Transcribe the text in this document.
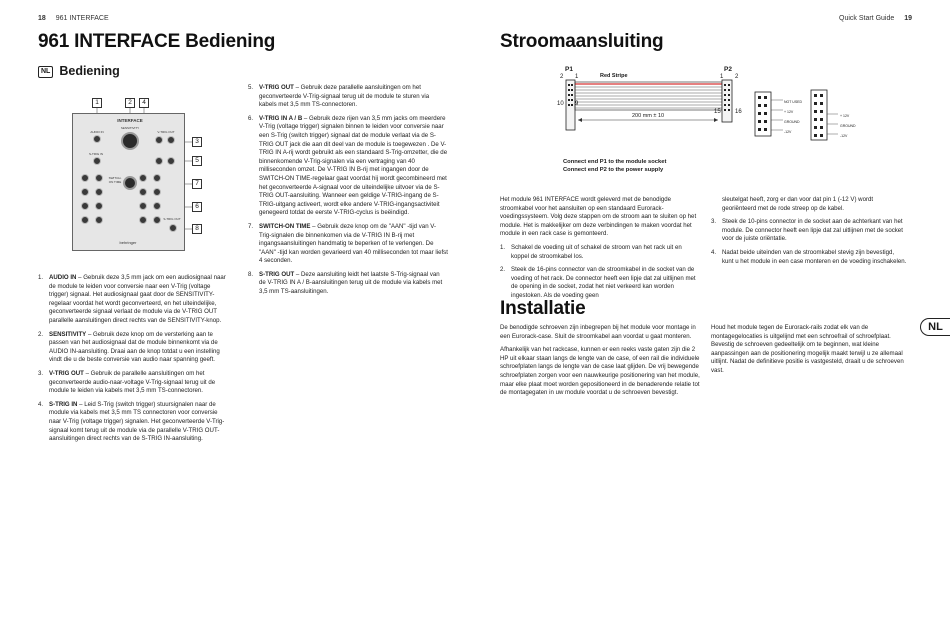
18 961 INTERFACE	Quick Start Guide 19
961 INTERFACE Bediening
NL Bediening
1	2	4
3
5
7
6
8
INTERFACE
AUDIO IN
SENSITIVITY
V-TRIG OUT
S-TRIG IN
SWITCH-ON TIME
S-TRIG OUT
behringer
1. AUDIO IN – Gebruik deze 3,5 mm jack om een audiosignaal naar de module te leiden voor conversie naar een V-Trig (voltage trigger) signaal. Het audiosignaal gaat door de SENSITIVITY-regelaar voordat het wordt geconverteerd, en het uiteindelijke, geconverteerde signaal verlaat de module via de V-TRIG OUT parallelle aansluitingen direct rechts van de SENSITIVITY-knop.
2. SENSITIVITY – Gebruik deze knop om de versterking aan te passen van het audiosignaal dat de module binnenkomt via de AUDIO IN-aansluiting. Draai aan de knop totdat u een instelling vindt die u de beste conversie van audio naar spanning geeft.
3. V-TRIG OUT – Gebruik de parallelle aansluitingen om het geconverteerde audio-naar-voltage V-Trig-signaal terug uit de module te leiden via kabels met 3,5 mm TS-connectoren.
4. S-TRIG IN – Leid S-Trig (switch trigger) stuursignalen naar de module via kabels met 3,5 mm TS connectoren voor conversie naar V-Trig (voltage trigger) signalen. Het geconverteerde V-Trig-signaal komt terug uit de module via de parallelle V-TRIG OUT-aansluitingen direct rechts van de S-TRIG IN-aansluiting.
5. V-TRIG OUT – Gebruik deze parallelle aansluitingen om het geconverteerde V-Trig-signaal terug uit de module te sturen via kabels met 3,5 mm TS-connectoren.
6. V-TRIG IN A / B – Gebruik deze rijen van 3,5 mm jacks om meerdere V-Trig (voltage trigger) signalen binnen te leiden voor conversie naar een S-Trig (switch trigger) signaal dat de module verlaat via de S-TRIG OUT jack die aan dit deel van de module is toegewezen . De V-TRIG IN A-rij wordt gebruikt als een standaard S-Trig-omzetter, die de binnenkomende V-Trig-signalen via een vertraging van 40 milliseconden omzet. De V-TRIG IN B-rij met ingangen door de SWITCH-ON TIME-regelaar gaat voordat hij wordt gecombineerd met het geconverteerde A-signaal voor de uiteindelijke uitvoer via de S-TRIG OUT-aansluiting. Wanneer een geldige V-TRIG-ingang de S-TRIG-uitgang activeert, wordt elke andere V-TRIG-ingangsactiviteit genegeerd totdat de eerste V-TRIG-cyclus is beëindigd.
7. SWITCH-ON TIME – Gebruik deze knop om de "AAN" -tijd van V-Trig-signalen die binnenkomen via de V-TRIG IN B-rij met ingangsaansluitingen handmatig te beperken of te verlengen. De "AAN" -tijd kan worden gevarieerd van 40 milliseconden tot maar liefst 4 seconden.
8. S-TRIG OUT – Deze aansluiting leidt het laatste S-Trig-signaal van de V-TRIG IN A / B-aansluitingen terug uit de module via kabels met 3,5 mm TS-aansluitingen.
Stroomaansluiting
P1	P2
2 1	1 2
10 9
15 16
Red Stripe
200 mm ± 10
NOT USED
+ 12V
GROUND
-12V
+ 12V
GROUND
-12V
Connect end P1 to the module socket
Connect end P2 to the power supply

Het module 961 INTERFACE wordt geleverd met de benodigde stroomkabel voor het aansluiten op een standaard Eurorack-voedingssysteem. Volg deze stappen om de stroom aan te sluiten op het module. Het is makkelijker om deze verbindingen te maken voordat het module in een rack case is gemonteerd.

1. Schakel de voeding uit of schakel de stroom van het rack uit en koppel de stroomkabel los.
2. Steek de 16-pins connector van de stroomkabel in de socket van de voeding of het rack. De connector heeft een lipje dat zal uitlijnen met de opening in de socket, zodat het niet verkeerd kan worden ingestoken. Als de voeding geen

sleutelgat heeft, zorg er dan voor dat pin 1 (-12 V) wordt georiënteerd met de rode streep op de kabel.

3. Steek de 10-pins connector in de socket aan de achterkant van het module. De connector heeft een lipje dat zal uitlijnen met de socket voor de juiste oriëntatie.
4. Nadat beide uiteinden van de stroomkabel stevig zijn bevestigd, kunt u het module in een case monteren en de voeding inschakelen.
Installatie

De benodigde schroeven zijn inbegrepen bij het module voor montage in een Eurorack-case. Sluit de stroomkabel aan voordat u gaat monteren.

Afhankelijk van het rackcase, kunnen er een reeks vaste gaten zijn die 2 HP uit elkaar staan langs de lengte van de case, of een rail die individuele schroefplaten langs de lengte van de case laat glijden. De vrij bewegende schroefplaten zorgen voor een nauwkeurige positionering van het module, maar elke plaat moet worden gepositioneerd in de benaderende relatie tot de montagegaten in uw module voordat u de schroeven bevestigt.

Houd het module tegen de Eurorack-rails zodat elk van de montagegelocaties is uitgelijnd met een schroefrail of schroefplaat. Bevestig de schroeven gedeeltelijk om te beginnen, wat kleine aanpassingen aan de positionering mogelijk maakt terwijl u ze allemaal uitlijnt. Nadat de definitieve positie is vastgesteld, draait u de schroeven vast.

NL
